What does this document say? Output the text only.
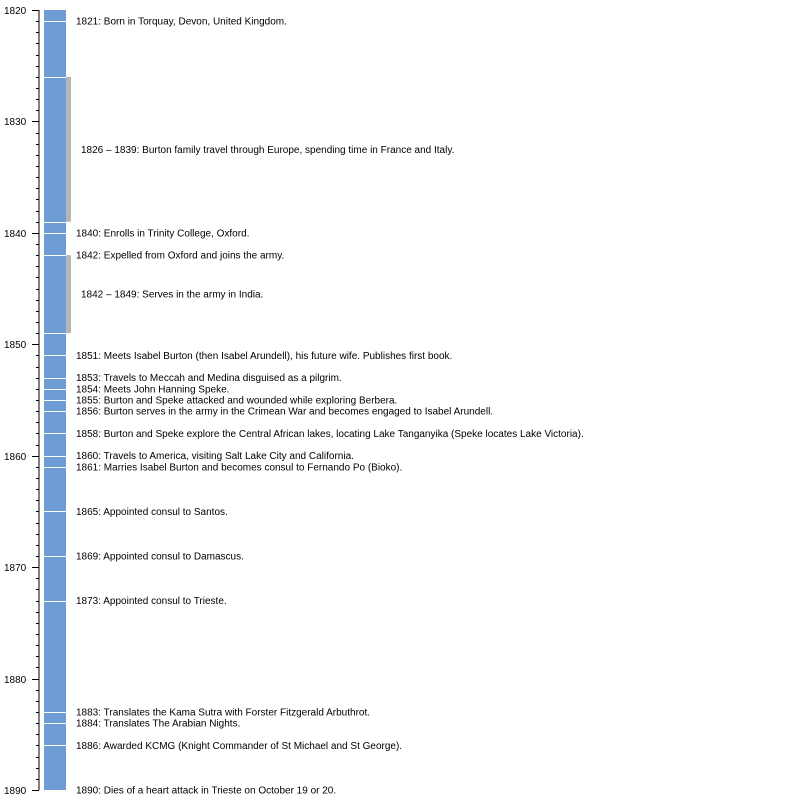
1820
1830
1840
1850
1860
1870
1880
1890
1826 – 1839: Burton family travel through Europe, spending time in France and Italy.
1842 – 1849: Serves in the army in India.
1821: Born in Torquay, Devon, United Kingdom.
1840: Enrolls in Trinity College, Oxford.
1842: Expelled from Oxford and joins the army.
1851: Meets Isabel Burton (then Isabel Arundell), his future wife. Publishes first book.
1853: Travels to Meccah and Medina disguised as a pilgrim.
1854: Meets John Hanning Speke.
1855: Burton and Speke attacked and wounded while exploring Berbera.
1856: Burton serves in the army in the Crimean War and becomes engaged to Isabel Arundell.
1858: Burton and Speke explore the Central African lakes, locating Lake Tanganyika (Speke locates Lake Victoria).
1860: Travels to America, visiting Salt Lake City and California.
1861: Marries Isabel Burton and becomes consul to Fernando Po (Bioko).
1865: Appointed consul to Santos.
1869: Appointed consul to Damascus.
1873: Appointed consul to Trieste.
1883: Translates the Kama Sutra with Forster Fitzgerald Arbuthrot.
1884: Translates The Arabian Nights.
1886: Awarded KCMG (Knight Commander of St Michael and St George).
1890: Dies of a heart attack in Trieste on October 19 or 20.
